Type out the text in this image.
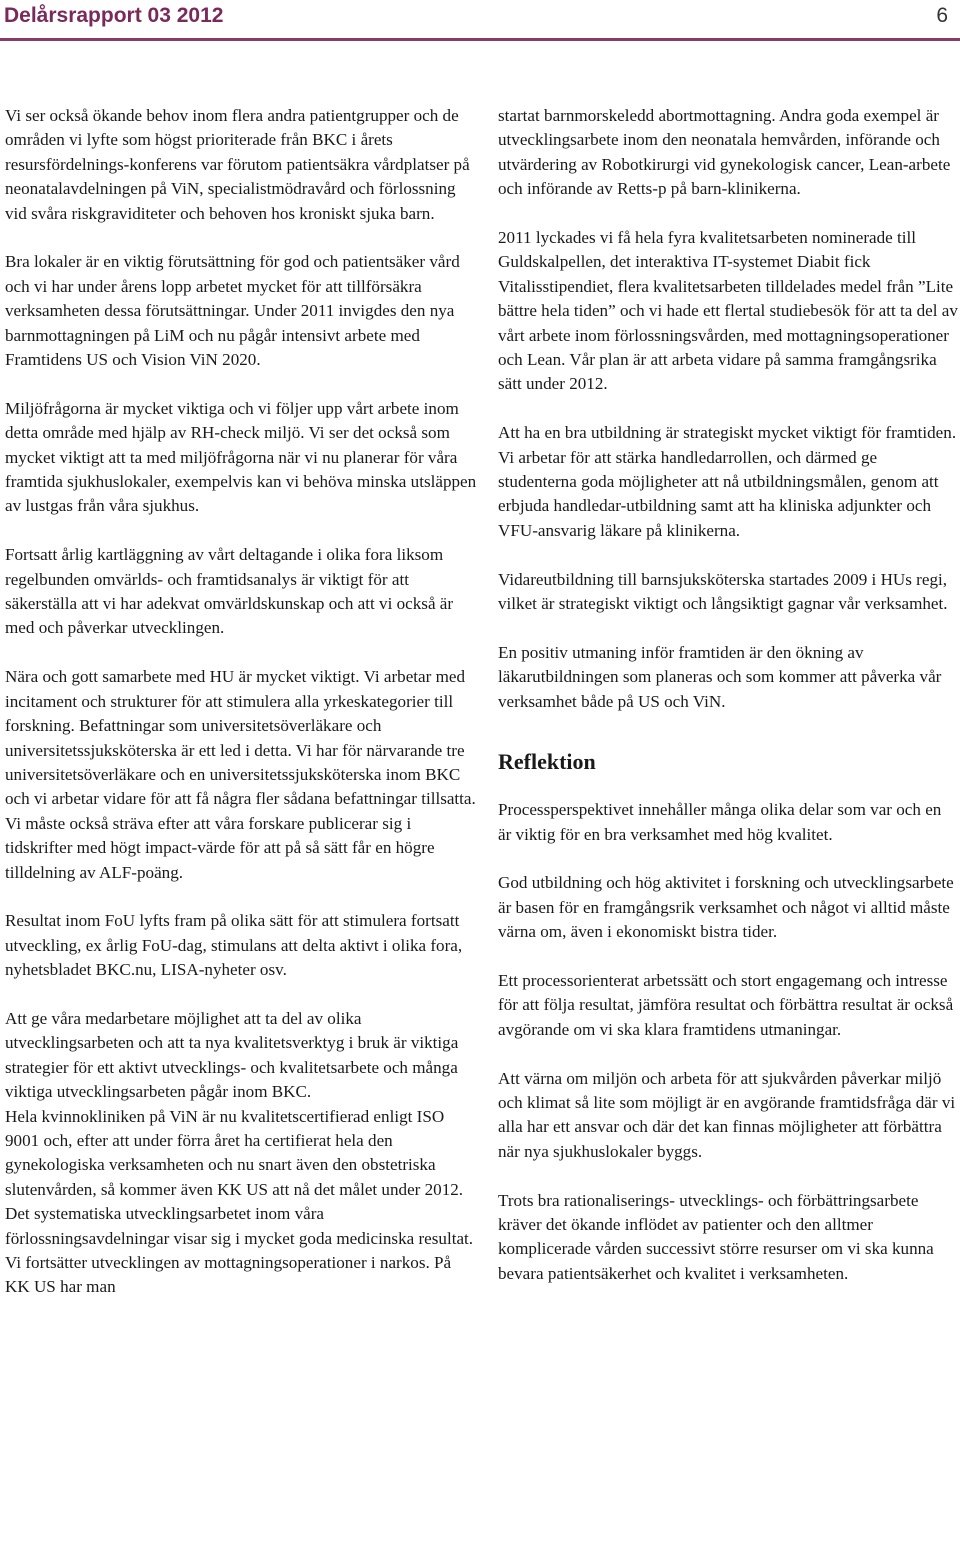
Delårsrapport 03 2012	6

Vi ser också ökande behov inom flera andra patientgrupper och de områden vi lyfte som högst prioriterade från BKC i årets resursfördelnings-konferens var förutom patientsäkra vårdplatser på neonatalavdelningen på ViN, specialistmödravård och förlossning vid svåra riskgraviditeter och behoven hos kroniskt sjuka barn.

Bra lokaler är en viktig förutsättning för god och patientsäker vård och vi har under årens lopp arbetet mycket för att tillförsäkra verksamheten dessa förutsättningar. Under 2011 invigdes den nya barnmottagningen på LiM och nu pågår intensivt arbete med Framtidens US och Vision ViN 2020.

Miljöfrågorna är mycket viktiga och vi följer upp vårt arbete inom detta område med hjälp av RH-check miljö. Vi ser det också som mycket viktigt att ta med miljöfrågorna när vi nu planerar för våra framtida sjukhuslokaler, exempelvis kan vi behöva minska utsläppen av lustgas från våra sjukhus.

Fortsatt årlig kartläggning av vårt deltagande i olika fora liksom regelbunden omvärlds- och framtidsanalys är viktigt för att säkerställa att vi har adekvat omvärldskunskap och att vi också är med och påverkar utvecklingen.

Nära och gott samarbete med HU är mycket viktigt. Vi arbetar med incitament och strukturer för att stimulera alla yrkeskategorier till forskning. Befattningar som universitetsöverläkare och universitetssjuksköterska är ett led i detta. Vi har för närvarande tre universitetsöverläkare och en universitetssjuksköterska inom BKC och vi arbetar vidare för att få några fler sådana befattningar tillsatta. Vi måste också sträva efter att våra forskare publicerar sig i tidskrifter med högt impact-värde för att på så sätt får en högre tilldelning av ALF-poäng.

Resultat inom FoU lyfts fram på olika sätt för att stimulera fortsatt utveckling, ex årlig FoU-dag, stimulans att delta aktivt i olika fora, nyhetsbladet BKC.nu, LISA-nyheter osv.

Att ge våra medarbetare möjlighet att ta del av olika utvecklingsarbeten och att ta nya kvalitetsverktyg i bruk är viktiga strategier för ett aktivt utvecklings- och kvalitetsarbete och många viktiga utvecklingsarbeten pågår inom BKC.

Hela kvinnokliniken på ViN är nu kvalitetscertifierad enligt ISO 9001 och, efter att under förra året ha certifierat hela den gynekologiska verksamheten och nu snart även den obstetriska slutenvården, så kommer även KK US att nå det målet under 2012.

Det systematiska utvecklingsarbetet inom våra förlossningsavdelningar visar sig i mycket goda medicinska resultat. Vi fortsätter utvecklingen av mottagningsoperationer i narkos. På KK US har man

startat barnmorskeledd abortmottagning. Andra goda exempel är utvecklingsarbete inom den neonatala hemvården, införande och utvärdering av Robotkirurgi vid gynekologisk cancer, Lean-arbete och införande av Retts-p på barn-klinikerna.

2011 lyckades vi få hela fyra kvalitetsarbeten nominerade till Guldskalpellen, det interaktiva IT-systemet Diabit fick Vitalisstipendiet, flera kvalitetsarbeten tilldelades medel från ”Lite bättre hela tiden” och vi hade ett flertal studiebesök för att ta del av vårt arbete inom förlossningsvården, med mottagningsoperationer och Lean. Vår plan är att arbeta vidare på samma framgångsrika sätt under 2012.

Att ha en bra utbildning är strategiskt mycket viktigt för framtiden. Vi arbetar för att stärka handledarrollen, och därmed ge studenterna goda möjligheter att nå utbildningsmålen, genom att erbjuda handledar-utbildning samt att ha kliniska adjunkter och VFU-ansvarig läkare på klinikerna.

Vidareutbildning till barnsjuksköterska startades 2009 i HUs regi, vilket är strategiskt viktigt och långsiktigt gagnar vår verksamhet.

En positiv utmaning inför framtiden är den ökning av läkarutbildningen som planeras och som kommer att påverka vår verksamhet både på US och ViN.

Reflektion

Processperspektivet innehåller många olika delar som var och en är viktig för en bra verksamhet med hög kvalitet.

God utbildning och hög aktivitet i forskning och utvecklingsarbete är basen för en framgångsrik verksamhet och något vi alltid måste värna om, även i ekonomiskt bistra tider.

Ett processorienterat arbetssätt och stort engagemang och intresse för att följa resultat, jämföra resultat och förbättra resultat är också avgörande om vi ska klara framtidens utmaningar.

Att värna om miljön och arbeta för att sjukvården påverkar miljö och klimat så lite som möjligt är en avgörande framtidsfråga där vi alla har ett ansvar och där det kan finnas möjligheter att förbättra när nya sjukhuslokaler byggs.

Trots bra rationaliserings- utvecklings- och förbättringsarbete kräver det ökande inflödet av patienter och den alltmer komplicerade vården successivt större resurser om vi ska kunna bevara patientsäkerhet och kvalitet i verksamheten.
